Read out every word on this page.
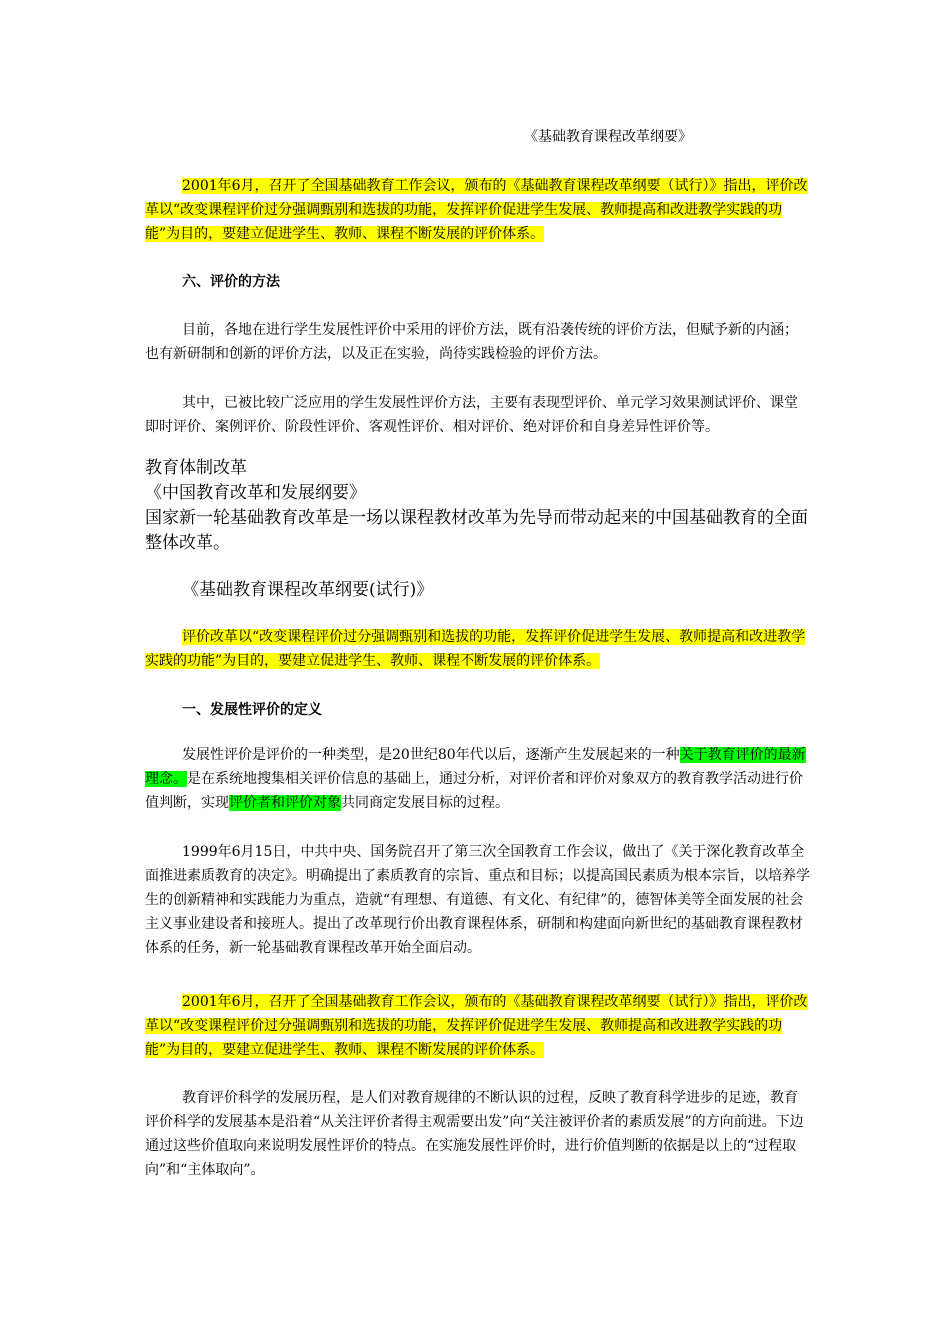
《基础教育课程改革纲要》
2001年6月，召开了全国基础教育工作会议，颁布的《基础教育课程改革纲要（试行）》指出，评价改革以“改变课程评价过分强调甄别和选拔的功能，发挥评价促进学生发展、教师提高和改进教学实践的功能”为目的，要建立促进学生、教师、课程不断发展的评价体系。
六、评价的方法
目前，各地在进行学生发展性评价中采用的评价方法，既有沿袭传统的评价方法，但赋予新的内涵；也有新研制和创新的评价方法，以及正在实验，尚待实践检验的评价方法。
其中，已被比较广泛应用的学生发展性评价方法，主要有表现型评价、单元学习效果测试评价、课堂即时评价、案例评价、阶段性评价、客观性评价、相对评价、绝对评价和自身差异性评价等。
教育体制改革
《中国教育改革和发展纲要》
国家新一轮基础教育改革是一场以课程教材改革为先导而带动起来的中国基础教育的全面整体改革。
《基础教育课程改革纲要(试行)》
评价改革以“改变课程评价过分强调甄别和选拔的功能，发挥评价促进学生发展、教师提高和改进教学实践的功能”为目的，要建立促进学生、教师、课程不断发展的评价体系。
一、发展性评价的定义
发展性评价是评价的一种类型，是20世纪80年代以后，逐渐产生发展起来的一种关于教育评价的最新理念。是在系统地搜集相关评价信息的基础上，通过分析，对评价者和评价对象双方的教育教学活动进行价值判断，实现评价者和评价对象共同商定发展目标的过程。
1999年6月15日，中共中央、国务院召开了第三次全国教育工作会议，做出了《关于深化教育改革全面推进素质教育的决定》。明确提出了素质教育的宗旨、重点和目标；以提高国民素质为根本宗旨，以培养学生的创新精神和实践能力为重点，造就“有理想、有道德、有文化、有纪律”的，德智体美等全面发展的社会主义事业建设者和接班人。提出了改革现行价出教育课程体系，研制和构建面向新世纪的基础教育课程教材体系的任务，新一轮基础教育课程改革开始全面启动。
2001年6月，召开了全国基础教育工作会议，颁布的《基础教育课程改革纲要（试行）》指出，评价改革以“改变课程评价过分强调甄别和选拔的功能，发挥评价促进学生发展、教师提高和改进教学实践的功能”为目的，要建立促进学生、教师、课程不断发展的评价体系。
教育评价科学的发展历程，是人们对教育规律的不断认识的过程，反映了教育科学进步的足迹，教育评价科学的发展基本是沿着“从关注评价者得主观需要出发”向“关注被评价者的素质发展”的方向前进。下边通过这些价值取向来说明发展性评价的特点。在实施发展性评价时，进行价值判断的依据是以上的“过程取向”和“主体取向”。
